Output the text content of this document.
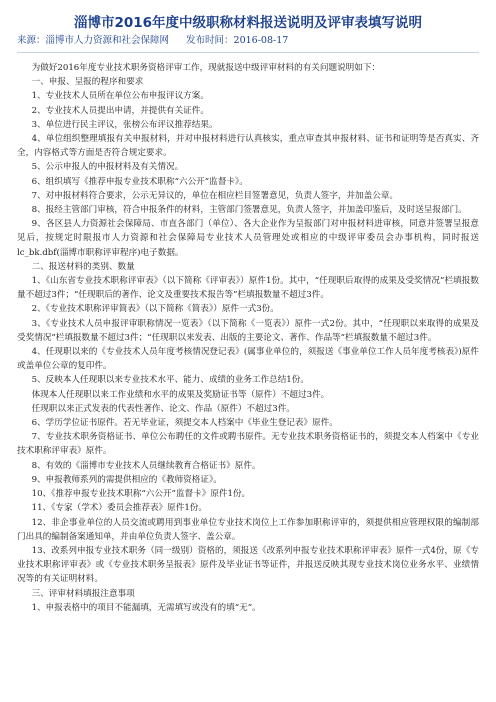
淄博市2016年度中级职称材料报送说明及评审表填写说明
来源：淄博市人力资源和社会保障网 发布时间：2016-08-17

为做好2016年度专业技术职务资格评审工作，现就报送中级评审材料的有关问题说明如下：

一、申报、呈报的程序和要求

1、专业技术人员所在单位公布申报评议方案。

2、专业技术人员提出申请，并提供有关证件。

3、单位进行民主评议，张榜公布评议推荐结果。

4、单位组织整理填报有关申报材料，并对申报材料进行认真核实，重点审查其申报材料、证书和证明等是否真实、齐全，内容格式等方面是否符合规定要求。

5、公示申报人的申报材料及有关情况。

6、组织填写《推荐申报专业技术职称“六公开”监督卡》。

7、对申报材料符合要求，公示无异议的，单位在相应栏目签署意见，负责人签字，并加盖公章。

8、报经主管部门审核，符合申报条件的材料，主管部门签署意见，负责人签字，并加盖印鉴后，及时送呈报部门。

9、各区县人力资源社会保障局、市直各部门（单位）、各大企业作为呈报部门对申报材料进审核，同意并签署呈报意见后，按规定时限报市人力资源和社会保障局专业技术人员管理处或相应的中级评审委员会办事机构，同时报送lc_bk.dbf(淄博市职称评审程序)电子数据。

二、报送材料的类别、数量

1、《山东省专业技术职称评审表》（以下简称《评审表》）原件1份。其中，“任现职后取得的成果及受奖情况”栏填报数量不超过3件；“任现职后的著作、论文及重要技术报告等”栏填报数量不超过3件。

2、《专业技术职称评审简表》（以下简称《简表》）原件一式3份。

3、《专业技术人员申报评审职称情况一览表》（以下简称《一览表》）原件一式2份。其中，“任现职以来取得的成果及受奖情况”栏填报数量不超过3件；“任现职以来发表、出版的主要论文、著作、作品等”栏填报数量不超过3件。

4、任现职以来的《专业技术人员年度考核情况登记表》(属事业单位的，须报送《事业单位工作人员年度考核表》)原件或盖单位公章的复印件。

5、反映本人任现职以来专业技术水平、能力、成绩的业务工作总结1份。

体现本人任现职以来工作业绩和水平的成果及奖励证书等（原件）不超过3件。

任现职以来正式发表的代表性著作、论文、作品（原件）不超过3件。

6、学历学位证书原件。若无毕业证，须提交本人档案中《毕业生登记表》原件。

7、专业技术职务资格证书、单位公布聘任的文件或聘书原件。无专业技术职务资格证书的，须提交本人档案中《专业技术职称评审表》原件。

8、有效的《淄博市专业技术人员继续教育合格证书》原件。

9、申报教师系列的需提供相应的《教师资格证》。

10、《推荐申报专业技术职称“六公开”监督卡》原件1份。

11、《专家（学术）委员会推荐表》原件1份。

12、非企事业单位的人员交流或聘用到事业单位专业技术岗位上工作参加职称评审的，须提供相应管理权限的编制部门出具的编制备案通知单，并由单位负责人签字、盖公章。

13、改系列申报专业技术职务（同一级别）资格的，须报送《改系列申报专业技术职称评审表》原件一式4份，原《专业技术职称评审表》或《专业技术职务呈报表》原件及毕业证书等证件，并报送反映其现专业技术岗位业务水平、业绩情况等的有关证明材料。

三、评审材料填报注意事项

1、申报表格中的项目不能漏填，无需填写或没有的填“无”。
